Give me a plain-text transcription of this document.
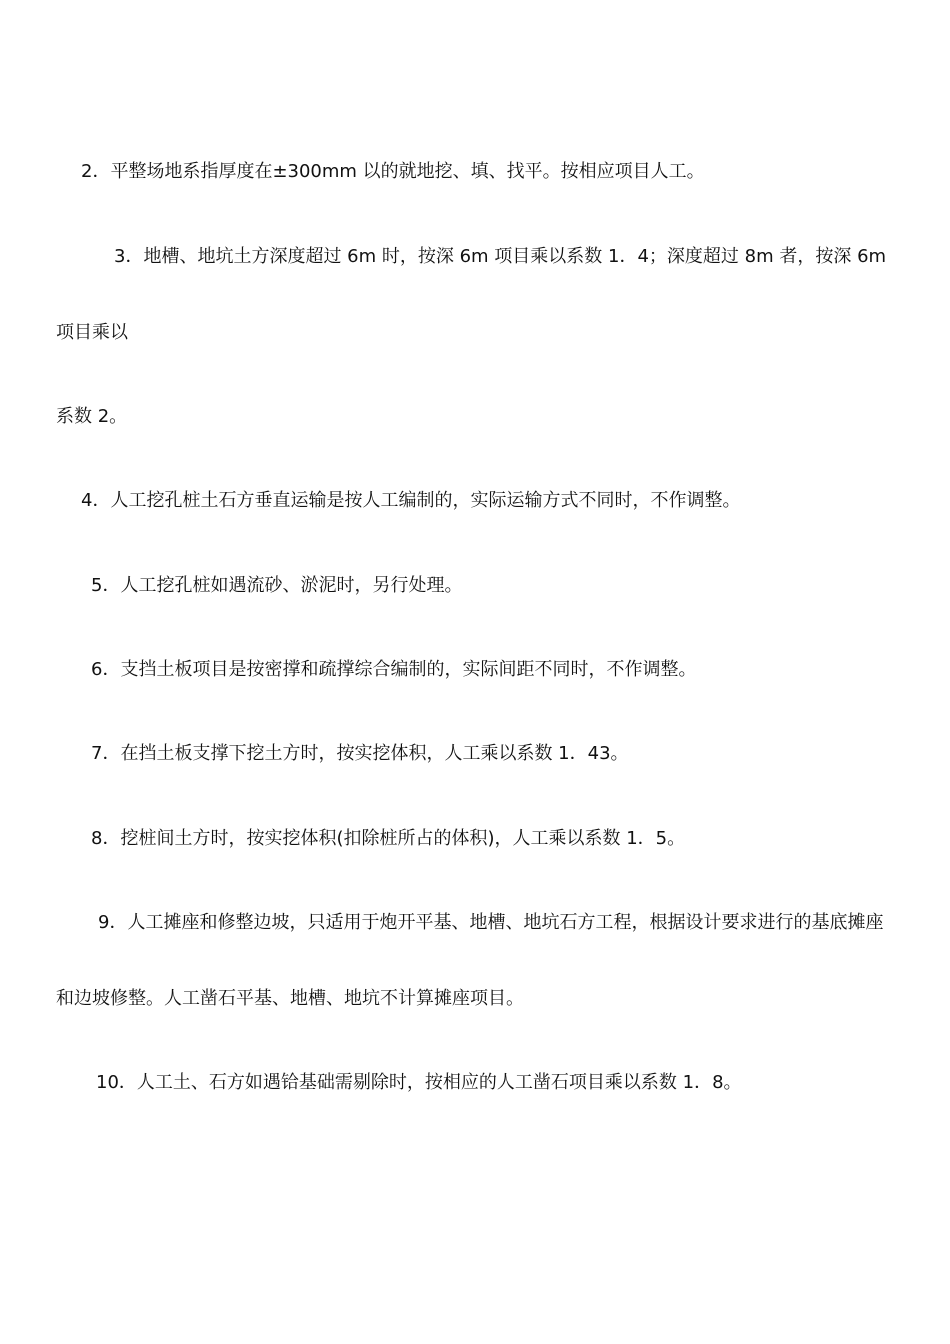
2．平整场地系指厚度在±300mm 以的就地挖、填、找平。按相应项目人工。
3．地槽、地坑土方深度超过 6m 时，按深 6m 项目乘以系数 1．4；深度超过 8m 者，按深 6m
项目乘以
系数 2。
4．人工挖孔桩土石方垂直运输是按人工编制的，实际运输方式不同时，不作调整。
5．人工挖孔桩如遇流砂、淤泥时，另行处理。
6．支挡土板项目是按密撑和疏撑综合编制的，实际间距不同时，不作调整。
7．在挡土板支撑下挖土方时，按实挖体积，人工乘以系数 1．43。
8．挖桩间土方时，按实挖体积(扣除桩所占的体积)，人工乘以系数 1．5。
9．人工摊座和修整边坡，只适用于炮开平基、地槽、地坑石方工程，根据设计要求进行的基底摊座
和边坡修整。人工凿石平基、地槽、地坑不计算摊座项目。
10．人工土、石方如遇铪基础需剔除时，按相应的人工凿石项目乘以系数 1．8。
